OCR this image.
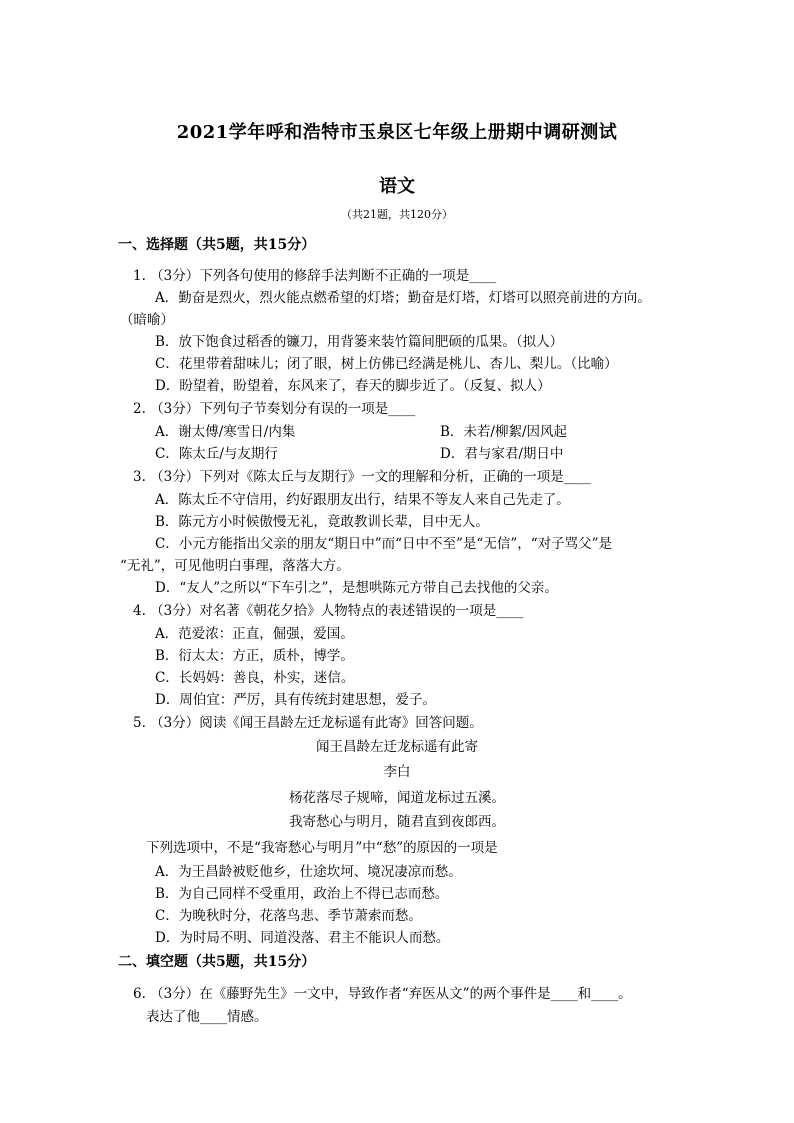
2021学年呼和浩特市玉泉区七年级上册期中调研测试
语文
（共21题，共120分）
一、选择题（共5题，共15分）
1. （3分）下列各句使用的修辞手法判断不正确的一项是____
A．勤奋是烈火，烈火能点燃希望的灯塔；勤奋是灯塔，灯塔可以照亮前进的方向。
（暗喻）
B．放下饱食过稻香的镰刀，用背篓来装竹篇间肥硕的瓜果。（拟人）
C．花里带着甜味儿；闭了眼，树上仿佛已经满是桃儿、杏儿、梨儿。（比喻）
D．盼望着，盼望着，东风来了，春天的脚步近了。（反复、拟人）
2. （3分）下列句子节奏划分有误的一项是____
A．谢太傅/寒雪日/内集	B．未若/柳絮/因风起
C．陈太丘/与友期行	D．君与家君/期日中
3. （3分）下列对《陈太丘与友期行》一文的理解和分析，正确的一项是____
A．陈太丘不守信用，约好跟朋友出行，结果不等友人来自己先走了。
B．陈元方小时候傲慢无礼，竟敢教训长辈，目中无人。
C．小元方能指出父亲的朋友“期日中”而“日中不至”是“无信”，“对子骂父”是
“无礼”，可见他明白事理，落落大方。
D．“友人”之所以“下车引之”，是想哄陈元方带自己去找他的父亲。
4. （3分）对名著《朝花夕拾》人物特点的表述错误的一项是____
A．范爱浓：正直，倔强，爱国。
B．衍太太：方正，质朴，博学。
C．长妈妈：善良，朴实，迷信。
D．周伯宜：严厉，具有传统封建思想，爱子。
5. （3分）阅读《闻王昌龄左迁龙标遥有此寄》回答问题。
闻王昌龄左迁龙标遥有此寄
李白
杨花落尽子规啼，闻道龙标过五溪。
我寄愁心与明月，随君直到夜郎西。
下列选项中，不是“我寄愁心与明月”中“愁”的原因的一项是
A．为王昌龄被贬他乡，仕途坎坷、境况凄凉而愁。
B．为自己同样不受重用，政治上不得已志而愁。
C．为晚秋时分，花落鸟悲、季节萧索而愁。
D．为时局不明、同道没落、君主不能识人而愁。
二、填空题（共5题，共15分）
6. （3分）在《藤野先生》一文中，导致作者“弃医从文”的两个事件是____和____。
表达了他____情感。
